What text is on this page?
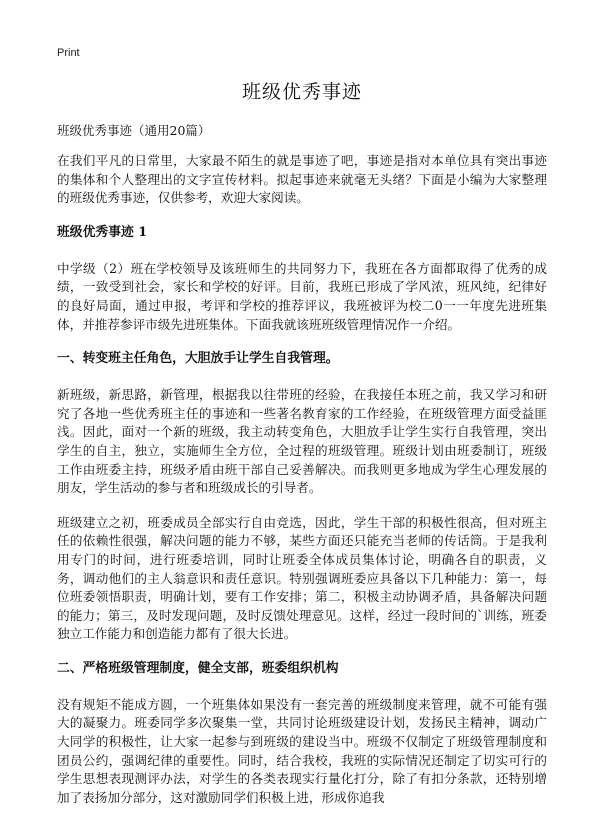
Print
班级优秀事迹
班级优秀事迹（通用20篇）

在我们平凡的日常里，大家最不陌生的就是事迹了吧，事迹是指对本单位具有突出事迹的集体和个人整理出的文字宣传材料。拟起事迹来就毫无头绪？下面是小编为大家整理的班级优秀事迹，仅供参考，欢迎大家阅读。

班级优秀事迹 1

中学级（2）班在学校领导及该班师生的共同努力下，我班在各方面都取得了优秀的成绩，一致受到社会，家长和学校的好评。目前，我班已形成了学风浓，班风纯，纪律好的良好局面，通过申报，考评和学校的推荐评议，我班被评为校二0一一年度先进班集体，并推荐参评市级先进班集体。下面我就该班班级管理情况作一介绍。

一、转变班主任角色，大胆放手让学生自我管理。

新班级，新思路，新管理，根据我以往带班的经验，在我接任本班之前，我又学习和研究了各地一些优秀班主任的事迹和一些著名教育家的工作经验，在班级管理方面受益匪浅。因此，面对一个新的班级，我主动转变角色，大胆放手让学生实行自我管理，突出学生的自主，独立，实施师生全方位，全过程的班级管理。班级计划由班委制订，班级工作由班委主持，班级矛盾由班干部自己妥善解决。而我则更多地成为学生心理发展的朋友，学生活动的参与者和班级成长的引导者。

班级建立之初，班委成员全部实行自由竞选，因此，学生干部的积极性很高，但对班主任的依赖性很强，解决问题的能力不够，某些方面还只能充当老师的传话筒。于是我利用专门的时间，进行班委培训，同时让班委全体成员集体讨论，明确各自的职责，义务，调动他们的主人翁意识和责任意识。特别强调班委应具备以下几种能力：第一，每位班委领悟职责，明确计划，要有工作安排；第二，积极主动协调矛盾，具备解决问题的能力；第三，及时发现问题，及时反馈处理意见。这样，经过一段时间的`训练，班委独立工作能力和创造能力都有了很大长进。

二、严格班级管理制度，健全支部，班委组织机构

没有规矩不能成方圆，一个班集体如果没有一套完善的班级制度来管理，就不可能有强大的凝聚力。班委同学多次聚集一堂，共同讨论班级建设计划，发扬民主精神，调动广大同学的积极性，让大家一起参与到班级的建设当中。班级不仅制定了班级管理制度和团员公约，强调纪律的重要性。同时，结合我校，我班的实际情况还制定了切实可行的学生思想表现测评办法，对学生的各类表现实行量化打分，除了有扣分条款，还特别增加了表扬加分部分，这对激励同学们积极上进，形成你追我
